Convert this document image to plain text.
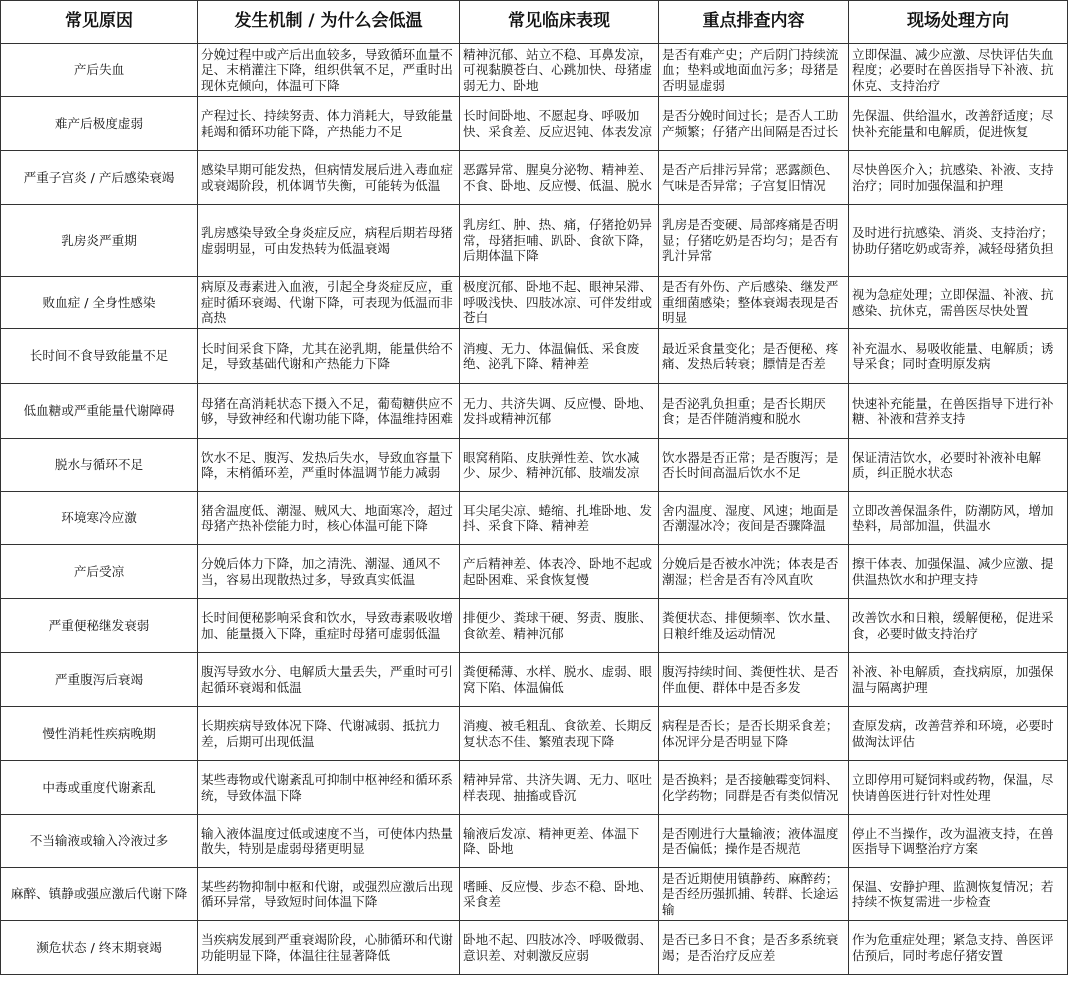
常见原因	发生机制 / 为什么会低温	常见临床表现	重点排查内容	现场处理方向
产后失血	分娩过程中或产后出血较多，导致循环血量不足、末梢灌注下降，组织供氧不足，严重时出现休克倾向，体温可下降	精神沉郁、站立不稳、耳鼻发凉，可视黏膜苍白、心跳加快、母猪虚弱无力、卧地	是否有难产史；产后阴门持续流血；垫料或地面血污多；母猪是否明显虚弱	立即保温、减少应激、尽快评估失血程度；必要时在兽医指导下补液、抗休克、支持治疗
难产后极度虚弱	产程过长、持续努责、体力消耗大，导致能量耗竭和循环功能下降，产热能力不足	长时间卧地、不愿起身、呼吸加快、采食差、反应迟钝、体表发凉	是否分娩时间过长；是否人工助产频繁；仔猪产出间隔是否过长	先保温、供给温水，改善舒适度；尽快补充能量和电解质，促进恢复
严重子宫炎 / 产后感染衰竭	感染早期可能发热，但病情发展后进入毒血症或衰竭阶段，机体调节失衡，可能转为低温	恶露异常、腥臭分泌物、精神差、不食、卧地、反应慢、低温、脱水	是否产后排污异常；恶露颜色、气味是否异常；子宫复旧情况	尽快兽医介入；抗感染、补液、支持治疗；同时加强保温和护理
乳房炎严重期	乳房感染导致全身炎症反应，病程后期若母猪虚弱明显，可由发热转为低温衰竭	乳房红、肿、热、痛，仔猪抢奶异常，母猪拒哺、趴卧、食欲下降，后期体温下降	乳房是否变硬、局部疼痛是否明显；仔猪吃奶是否均匀；是否有乳汁异常	及时进行抗感染、消炎、支持治疗；协助仔猪吃奶或寄养，减轻母猪负担
败血症 / 全身性感染	病原及毒素进入血液，引起全身炎症反应，重症时循环衰竭、代谢下降，可表现为低温而非高热	极度沉郁、卧地不起、眼神呆滞、呼吸浅快、四肢冰凉、可伴发绀或苍白	是否有外伤、产后感染、继发严重细菌感染；整体衰竭表现是否明显	视为急症处理；立即保温、补液、抗感染、抗休克，需兽医尽快处置
长时间不食导致能量不足	长时间采食下降，尤其在泌乳期，能量供给不足，导致基础代谢和产热能力下降	消瘦、无力、体温偏低、采食废绝、泌乳下降、精神差	最近采食量变化；是否便秘、疼痛、发热后转衰；膘情是否差	补充温水、易吸收能量、电解质；诱导采食；同时查明原发病
低血糖或严重能量代谢障碍	母猪在高消耗状态下摄入不足，葡萄糖供应不够，导致神经和代谢功能下降，体温维持困难	无力、共济失调、反应慢、卧地、发抖或精神沉郁	是否泌乳负担重；是否长期厌食；是否伴随消瘦和脱水	快速补充能量，在兽医指导下进行补糖、补液和营养支持
脱水与循环不足	饮水不足、腹泻、发热后失水，导致血容量下降，末梢循环差，严重时体温调节能力减弱	眼窝稍陷、皮肤弹性差、饮水减少、尿少、精神沉郁、肢端发凉	饮水器是否正常；是否腹泻；是否长时间高温后饮水不足	保证清洁饮水，必要时补液补电解质，纠正脱水状态
环境寒冷应激	猪舍温度低、潮湿、贼风大、地面寒冷，超过母猪产热补偿能力时，核心体温可能下降	耳尖尾尖凉、蜷缩、扎堆卧地、发抖、采食下降、精神差	舍内温度、湿度、风速；地面是否潮湿冰冷；夜间是否骤降温	立即改善保温条件，防潮防风，增加垫料，局部加温，供温水
产后受凉	分娩后体力下降，加之清洗、潮湿、通风不当，容易出现散热过多，导致真实低温	产后精神差、体表冷、卧地不起或起卧困难、采食恢复慢	分娩后是否被水冲洗；体表是否潮湿；栏舍是否有冷风直吹	擦干体表、加强保温、减少应激、提供温热饮水和护理支持
严重便秘继发衰弱	长时间便秘影响采食和饮水，导致毒素吸收增加、能量摄入下降，重症时母猪可虚弱低温	排便少、粪球干硬、努责、腹胀、食欲差、精神沉郁	粪便状态、排便频率、饮水量、日粮纤维及运动情况	改善饮水和日粮，缓解便秘，促进采食，必要时做支持治疗
严重腹泻后衰竭	腹泻导致水分、电解质大量丢失，严重时可引起循环衰竭和低温	粪便稀薄、水样、脱水、虚弱、眼窝下陷、体温偏低	腹泻持续时间、粪便性状、是否伴血便、群体中是否多发	补液、补电解质，查找病原，加强保温与隔离护理
慢性消耗性疾病晚期	长期疾病导致体况下降、代谢减弱、抵抗力差，后期可出现低温	消瘦、被毛粗乱、食欲差、长期反复状态不佳、繁殖表现下降	病程是否长；是否长期采食差；体况评分是否明显下降	查原发病，改善营养和环境，必要时做淘汰评估
中毒或重度代谢紊乱	某些毒物或代谢紊乱可抑制中枢神经和循环系统，导致体温下降	精神异常、共济失调、无力、呕吐样表现、抽搐或昏沉	是否换料；是否接触霉变饲料、化学药物；同群是否有类似情况	立即停用可疑饲料或药物，保温，尽快请兽医进行针对性处理
不当输液或输入冷液过多	输入液体温度过低或速度不当，可使体内热量散失，特别是虚弱母猪更明显	输液后发凉、精神更差、体温下降、卧地	是否刚进行大量输液；液体温度是否偏低；操作是否规范	停止不当操作，改为温液支持，在兽医指导下调整治疗方案
麻醉、镇静或强应激后代谢下降	某些药物抑制中枢和代谢，或强烈应激后出现循环异常，导致短时间体温下降	嗜睡、反应慢、步态不稳、卧地、采食差	是否近期使用镇静药、麻醉药；是否经历强抓捕、转群、长途运输	保温、安静护理、监测恢复情况；若持续不恢复需进一步检查
濒危状态 / 终末期衰竭	当疾病发展到严重衰竭阶段，心肺循环和代谢功能明显下降，体温往往显著降低	卧地不起、四肢冰冷、呼吸微弱、意识差、对刺激反应弱	是否已多日不食；是否多系统衰竭；是否治疗反应差	作为危重症处理；紧急支持、兽医评估预后，同时考虑仔猪安置
